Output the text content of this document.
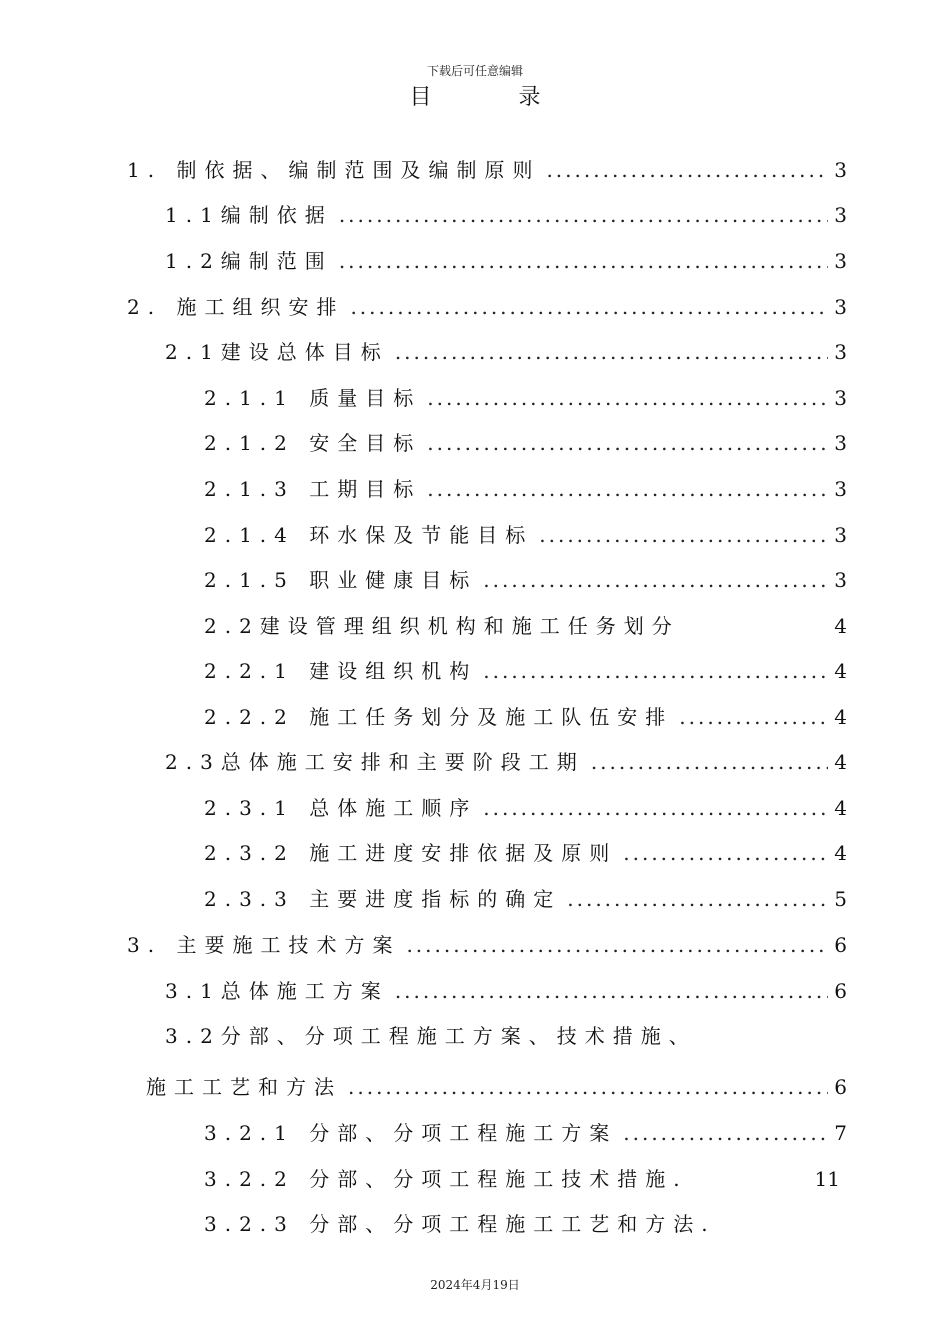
下载后可任意编辑
目 录
1. 制依据、编制范围及编制原则 .....	3
1.1编制依据 .....	3
1.2编制范围 .....	3
2. 施工组织安排 .....	3
2.1建设总体目标 .....	3
2.1.1 质量目标 .....	3
2.1.2 安全目标 .....	3
2.1.3 工期目标 .....	3
2.1.4 环水保及节能目标 .....	3
2.1.5 职业健康目标 .....	3
2.2建设管理组织机构和施工任务划分	4
2.2.1 建设组织机构 .....	4
2.2.2 施工任务划分及施工队伍安排 .....	4
2.3总体施工安排和主要阶段工期 .....	4
2.3.1 总体施工顺序 .....	4
2.3.2 施工进度安排依据及原则 .....	4
2.3.3 主要进度指标的确定 .....	5
3. 主要施工技术方案 .....	6
3.1总体施工方案 .....	6
3.2分部、分项工程施工方案、技术措施、
施工工艺和方法 .....	6
3.2.1 分部、分项工程施工方案 .....	7
3.2.2 分部、分项工程施工技术措施.	11
3.2.3 分部、分项工程施工工艺和方法.
2024年4月19日
